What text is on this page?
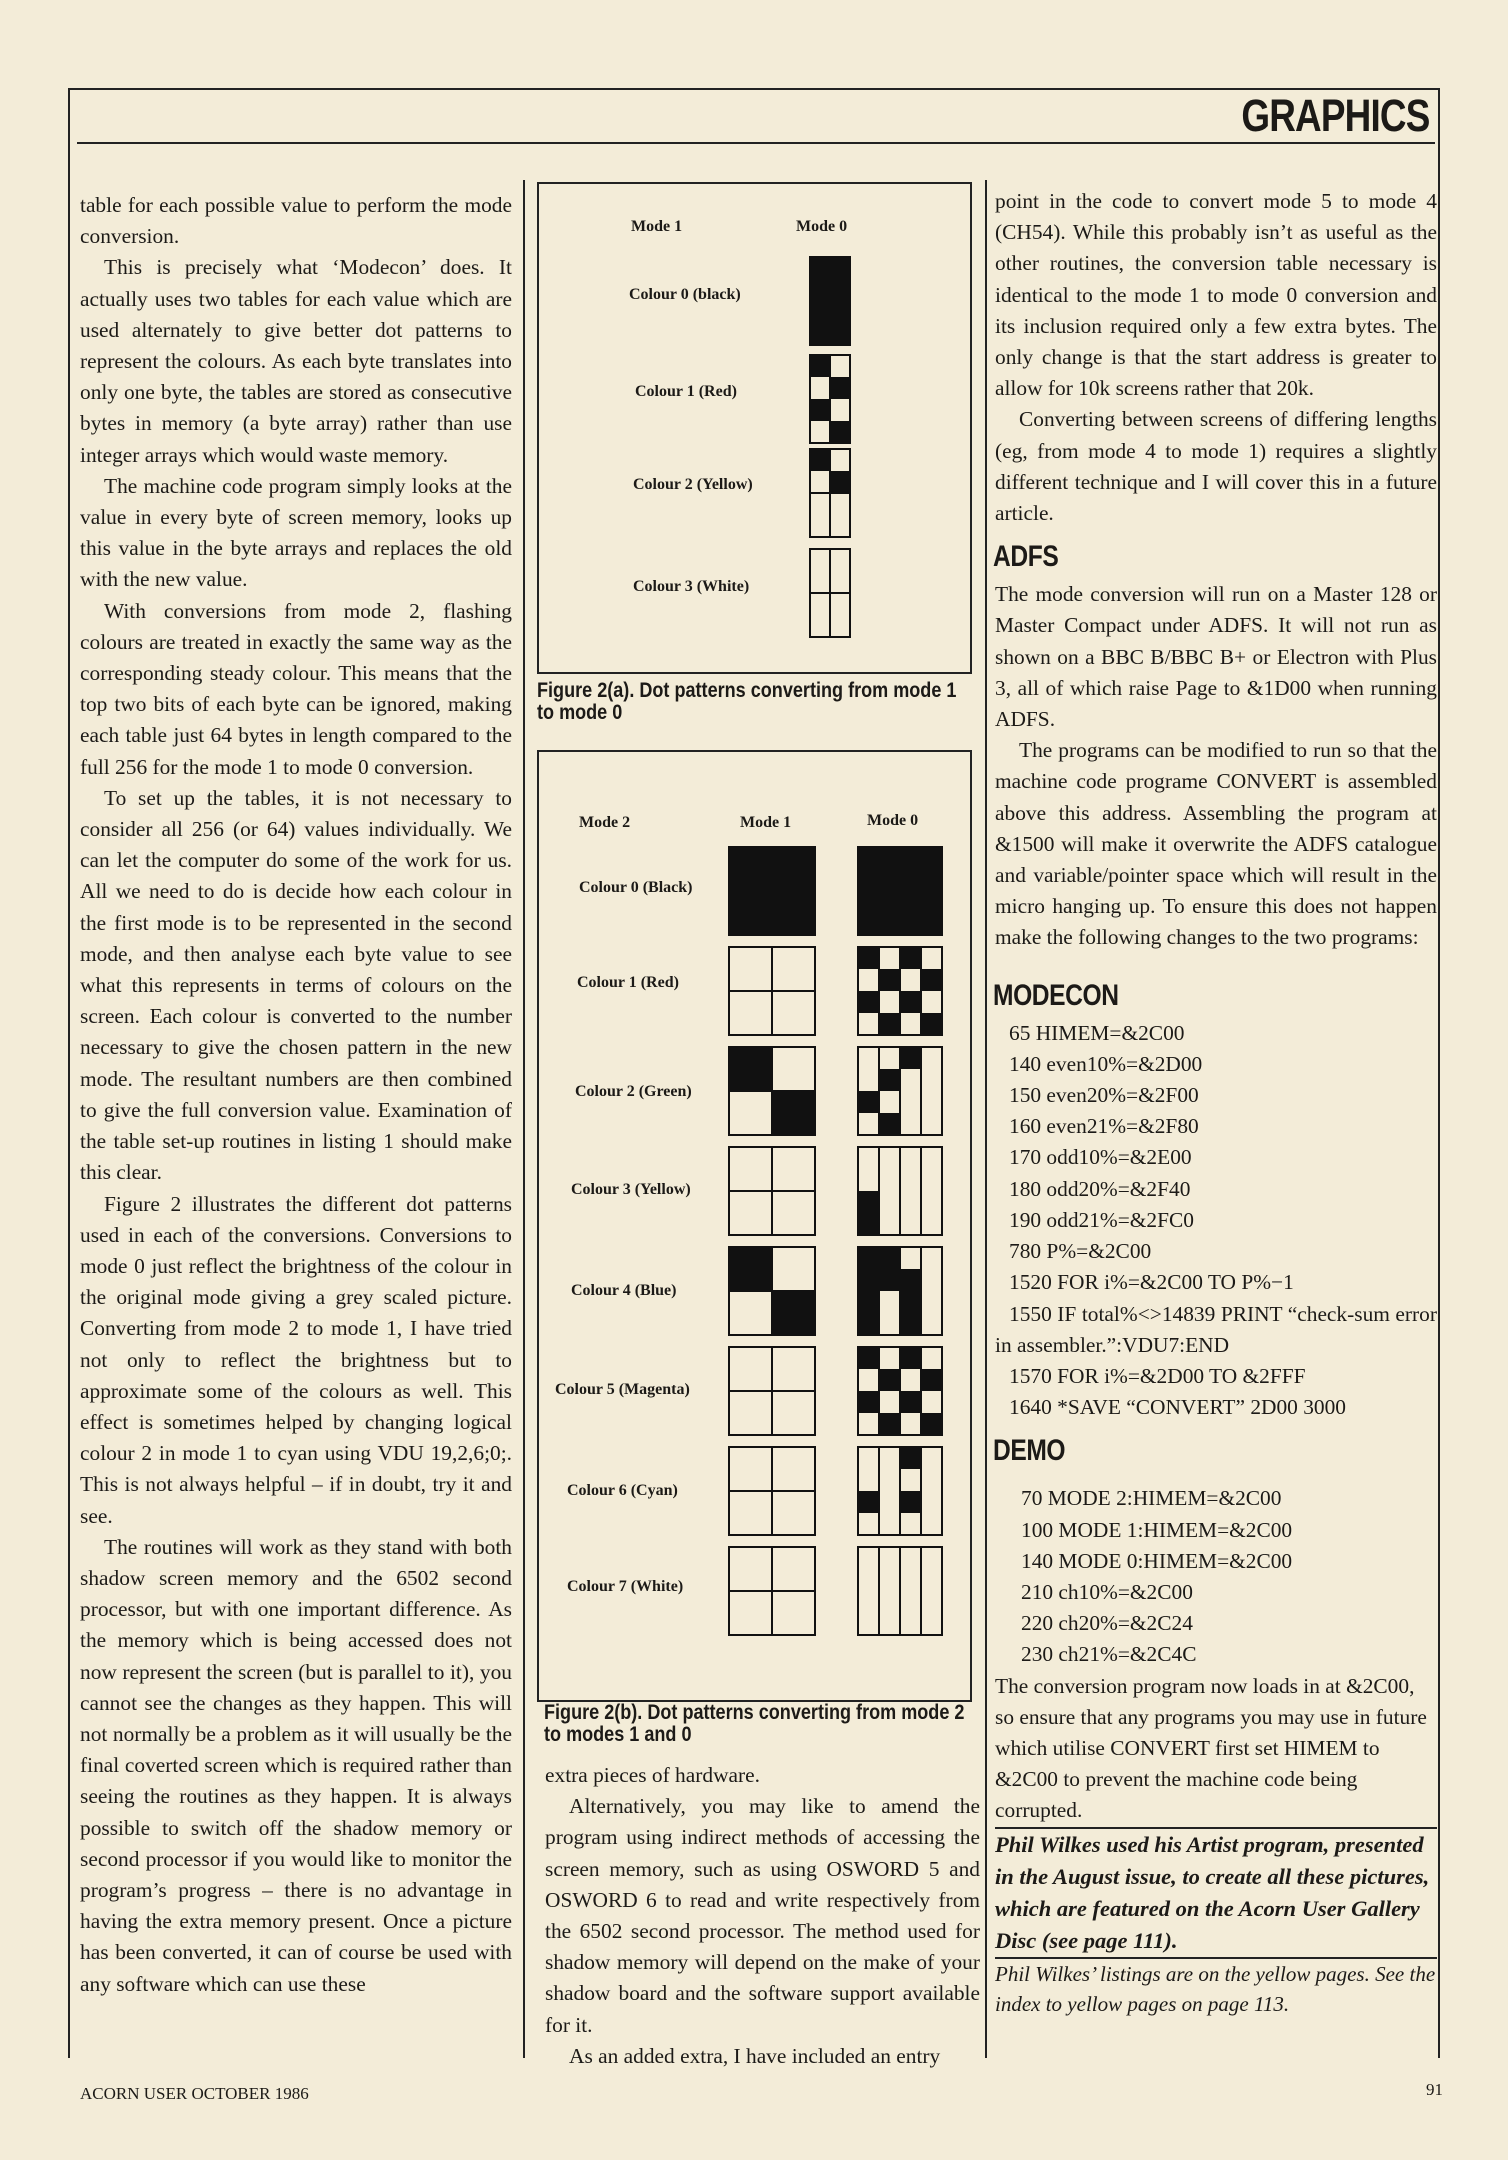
GRAPHICS

table for each possible value to perform the mode conversion.

This is precisely what ‘Modecon’ does. It actually uses two tables for each value which are used alternately to give better dot patterns to represent the colours. As each byte translates into only one byte, the tables are stored as consecutive bytes in memory (a byte array) rather than use integer arrays which would waste memory.

The machine code program simply looks at the value in every byte of screen memory, looks up this value in the byte arrays and replaces the old with the new value.

With conversions from mode 2, flashing colours are treated in exactly the same way as the corresponding steady colour. This means that the top two bits of each byte can be ignored, making each table just 64 bytes in length compared to the full 256 for the mode 1 to mode 0 conversion.

To set up the tables, it is not necessary to consider all 256 (or 64) values individually. We can let the computer do some of the work for us. All we need to do is decide how each colour in the first mode is to be represented in the second mode, and then analyse each byte value to see what this represents in terms of colours on the screen. Each colour is converted to the number necessary to give the chosen pattern in the new mode. The resultant numbers are then combined to give the full conversion value. Examination of the table set-up routines in listing 1 should make this clear.

Figure 2 illustrates the different dot patterns used in each of the conversions. Conversions to mode 0 just reflect the brightness of the colour in the original mode giving a grey scaled picture. Converting from mode 2 to mode 1, I have tried not only to reflect the brightness but to approximate some of the colours as well. This effect is sometimes helped by changing logical colour 2 in mode 1 to cyan using VDU 19,2,6;0;. This is not always helpful – if in doubt, try it and see.

The routines will work as they stand with both shadow screen memory and the 6502 second processor, but with one important difference. As the memory which is being accessed does not now represent the screen (but is parallel to it), you cannot see the changes as they happen. This will not normally be a problem as it will usually be the final coverted screen which is required rather than seeing the routines as they happen. It is always possible to switch off the shadow memory or second processor if you would like to monitor the program’s progress – there is no advantage in having the extra memory present. Once a picture has been converted, it can of course be used with any software which can use these

Mode 1	Mode 0
Colour 0 (black)
Colour 1 (Red)
Colour 2 (Yellow)
Colour 3 (White)
Figure 2(a). Dot patterns converting from mode 1 to mode 0
Mode 2	Mode 1	Mode 0
Colour 0 (Black)
Colour 1 (Red)
Colour 2 (Green)
Colour 3 (Yellow)
Colour 4 (Blue)
Colour 5 (Magenta)
Colour 6 (Cyan)
Colour 7 (White)
Figure 2(b). Dot patterns converting from mode 2 to modes 1 and 0

extra pieces of hardware.

Alternatively, you may like to amend the program using indirect methods of accessing the screen memory, such as using OSWORD 5 and OSWORD 6 to read and write respectively from the 6502 second processor. The method used for shadow memory will depend on the make of your shadow board and the software support available for it.

As an added extra, I have included an entry

point in the code to convert mode 5 to mode 4 (CH54). While this probably isn’t as useful as the other routines, the conversion table necessary is identical to the mode 1 to mode 0 conversion and its inclusion required only a few extra bytes. The only change is that the start address is greater to allow for 10k screens rather that 20k.

Converting between screens of differing lengths (eg, from mode 4 to mode 1) requires a slightly different technique and I will cover this in a future article.

ADFS

The mode conversion will run on a Master 128 or Master Compact under ADFS. It will not run as shown on a BBC B/BBC B+ or Electron with Plus 3, all of which raise Page to &1D00 when running ADFS.

The programs can be modified to run so that the machine code programe CONVERT is assembled above this address. Assembling the program at &1500 will make it overwrite the ADFS catalogue and variable/pointer space which will result in the micro hanging up. To ensure this does not happen make the following changes to the two programs:

MODECON
65 HIMEM=&2C00
140 even10%=&2D00
150 even20%=&2F00
160 even21%=&2F80
170 odd10%=&2E00
180 odd20%=&2F40
190 odd21%=&2FC0
780 P%=&2C00
1520 FOR i%=&2C00 TO P%−1
1550 IF total%<>14839 PRINT “check-sum error in assembler.”:VDU7:END
1570 FOR i%=&2D00 TO &2FFF
1640 *SAVE “CONVERT” 2D00 3000
DEMO
70 MODE 2:HIMEM=&2C00
100 MODE 1:HIMEM=&2C00
140 MODE 0:HIMEM=&2C00
210 ch10%=&2C00
220 ch20%=&2C24
230 ch21%=&2C4C

The conversion program now loads in at &2C00, so ensure that any programs you may use in future which utilise CONVERT first set HIMEM to &2C00 to prevent the machine code being corrupted.

Phil Wilkes used his Artist program, presented in the August issue, to create all these pictures, which are featured on the Acorn User Gallery Disc (see page 111).

Phil Wilkes’ listings are on the yellow pages. See the index to yellow pages on page 113.

ACORN USER OCTOBER 1986	91
